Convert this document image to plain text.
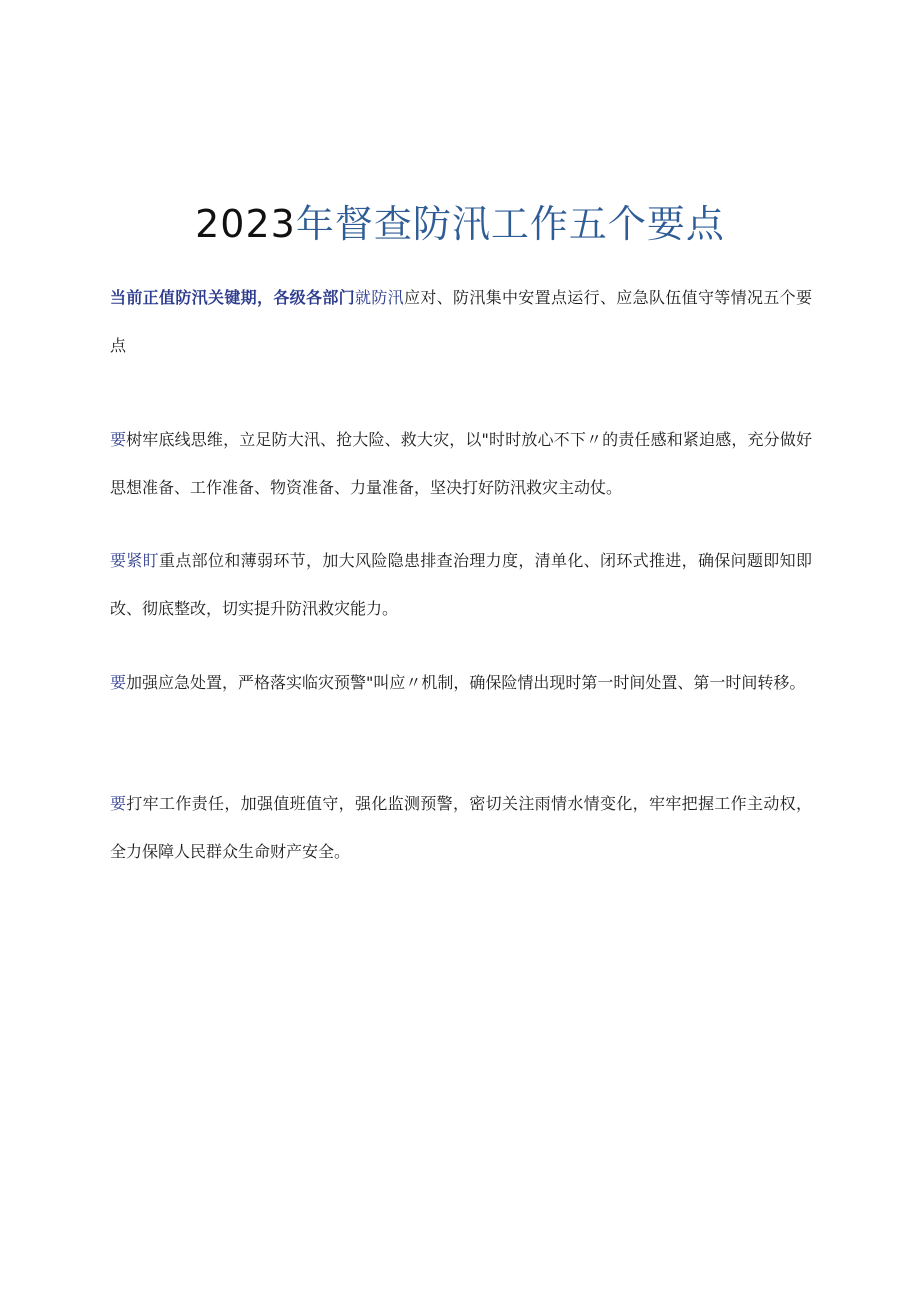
2023年督查防汛工作五个要点

当前正值防汛关键期，各级各部门就防汛应对、防汛集中安置点运行、应急队伍值守等情况五个要点

要树牢底线思维，立足防大汛、抢大险、救大灾，以"时时放心不下〃的责任感和紧迫感，充分做好思想准备、工作准备、物资准备、力量准备，坚决打好防汛救灾主动仗。

要紧盯重点部位和薄弱环节，加大风险隐患排查治理力度，清单化、闭环式推进，确保问题即知即改、彻底整改，切实提升防汛救灾能力。

要加强应急处置，严格落实临灾预警"叫应〃机制，确保险情出现时第一时间处置、第一时间转移。

要打牢工作责任，加强值班值守，强化监测预警，密切关注雨情水情变化，牢牢把握工作主动权，全力保障人民群众生命财产安全。
